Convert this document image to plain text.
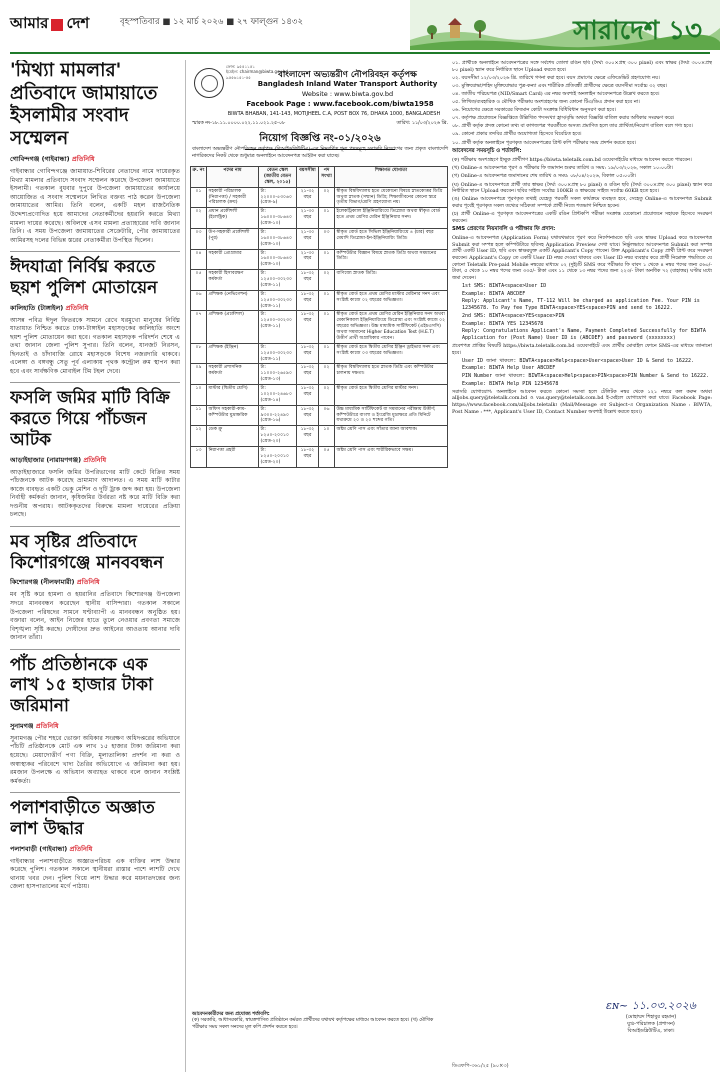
আমার দেশ	বৃহস্পতিবার ■ ১২ মার্চ ২০২৬ ■ ২৭ ফাল্গুন ১৪৩২	সারাদেশ ১৩
'মিথ্যা মামলার' প্রতিবাদে জামায়াতে ইসলামীর সংবাদ সম্মেলন
গোবিন্দগঞ্জ (গাইবান্ধা) প্রতিনিধি

গাইবান্ধার গোবিন্দগঞ্জে জামায়াত-শিবিরের নেতাদের নামে দায়েরকৃত মিথ্যা মামলার প্রতিবাদে সংবাদ সম্মেলন করেছে উপজেলা জামায়াতে ইসলামী। গতকাল বুধবার দুপুরে উপজেলা জামায়াতের কার্যালয়ে আয়োজিত এ সংবাদ সম্মেলনে লিখিত বক্তব্য পাঠ করেন উপজেলা জামায়াতের আমির। তিনি বলেন, একটি মহল রাজনৈতিক উদ্দেশ্যপ্রণোদিত হয়ে আমাদের নেতাকর্মীদের হয়রানি করতে মিথ্যা মামলা দায়ের করেছে। অবিলম্বে এসব মামলা প্রত্যাহারের দাবি জানান তিনি। এ সময় উপজেলা জামায়াতের সেক্রেটারি, পৌর জামায়াতের আমিরসহ দলের বিভিন্ন স্তরের নেতাকর্মীরা উপস্থিত ছিলেন।

ঈদযাত্রা নির্বিঘ্ন করতে ছয়শ পুলিশ মোতায়েন
কালিহাতি (টাঙ্গাইল) প্রতিনিধি

আসন্ন পবিত্র ঈদুল ফিতরকে সামনে রেখে ঘরমুখো মানুষের নির্বিঘ্ন যাতায়াত নিশ্চিত করতে ঢাকা-টাঙ্গাইল মহাসড়কের কালিহাতি অংশে ছয়শ পুলিশ মোতায়েন করা হবে। গতকাল মহাসড়ক পরিদর্শন শেষে এ তথ্য জানান জেলা পুলিশ সুপার। তিনি বলেন, যানজট নিরসন, ছিনতাই ও চাঁদাবাজি রোধে মহাসড়কে বিশেষ নজরদারি থাকবে। এলেঙ্গা ও বঙ্গবন্ধু সেতু পূর্ব এলাকায় পৃথক কন্ট্রোল রুম স্থাপন করা হবে এবং সার্বক্ষণিক মোবাইল টিম টহল দেবে।

ফসলি জমির মাটি বিক্রি করতে গিয়ে পাঁচজন আটক
আড়াইহাজার (নারায়ণগঞ্জ) প্রতিনিধি

আড়াইহাজারে ফসলি জমির উপরিভাগের মাটি কেটে বিক্রির সময় পাঁচজনকে আটক করেছে ভ্রাম্যমাণ আদালত। এ সময় মাটি কাটার কাজে ব্যবহৃত একটি ভেকু মেশিন ও দুটি ট্রাক জব্দ করা হয়। উপজেলা নির্বাহী কর্মকর্তা জানান, কৃষিজমির উর্বরতা নষ্ট করে মাটি বিক্রি করা দণ্ডনীয় অপরাধ। আটককৃতদের বিরুদ্ধে মামলা দায়েরের প্রক্রিয়া চলছে।

মব সৃষ্টির প্রতিবাদে কিশোরগঞ্জে মানববন্ধন
কিশোরগঞ্জ (নীলফামারী) প্রতিনিধি

মব সৃষ্টি করে হামলা ও হয়রানির প্রতিবাদে কিশোরগঞ্জ উপজেলা সদরে মানববন্ধন করেছেন স্থানীয় বাসিন্দারা। গতকাল সকালে উপজেলা পরিষদের সামনে ঘণ্টাব্যাপী এ মানববন্ধন অনুষ্ঠিত হয়। বক্তারা বলেন, আইন নিজের হাতে তুলে নেওয়ার প্রবণতা সমাজে বিশৃঙ্খলা সৃষ্টি করছে। দোষীদের দ্রুত আইনের আওতায় আনার দাবি জানান তাঁরা।

পাঁচ প্রতিষ্ঠানকে এক লাখ ১৫ হাজার টাকা জরিমানা
সুনামগঞ্জ প্রতিনিধি

সুনামগঞ্জ পৌর শহরে ভোক্তা অধিকার সংরক্ষণ অধিদপ্তরের অভিযানে পাঁচটি প্রতিষ্ঠানকে মোট এক লাখ ১৫ হাজার টাকা জরিমানা করা হয়েছে। মেয়াদোত্তীর্ণ পণ্য বিক্রি, মূল্যতালিকা প্রদর্শন না করা ও অস্বাস্থ্যকর পরিবেশে খাদ্য তৈরির অভিযোগে এ জরিমানা করা হয়। রমজান উপলক্ষে এ অভিযান অব্যাহত থাকবে বলে জানান সংশ্লিষ্ট কর্মকর্তা।

পলাশবাড়ীতে অজ্ঞাত লাশ উদ্ধার
পলাশবাড়ী (গাইবান্ধা) প্রতিনিধি

গাইবান্ধার পলাশবাড়ীতে অজ্ঞাতপরিচয় এক ব্যক্তির লাশ উদ্ধার করেছে পুলিশ। গতকাল সকালে স্থানীয়রা রাস্তার পাশে লাশটি দেখে থানায় খবর দেন। পুলিশ গিয়ে লাশ উদ্ধার করে ময়নাতদন্তের জন্য জেলা হাসপাতালের মর্গে পাঠায়।

ফোন: ৯৫৫১১৫১
ইমেইল: chairman@biwta.gov.bd
৯৫৫৬১৫১-৫৫	বাংলাদেশ অভ্যন্তরীণ নৌপরিবহন কর্তৃপক্ষ
Bangladesh Inland Water Transport Authority
Website : www.biwta.gov.bd
Facebook Page : www.facebook.com/biwta1958
BIWTA BHABAN, 141-143, MOTIJHEEL C.A, POST BOX 76, DHAKA 1000, BANGLADESH
স্মারক নং-১৮.১১.০০০০.০২২.১১.০২১.২৫-০৮	তারিখ: ১১/০৩/২০২৬ খ্রি.
নিয়োগ বিজ্ঞপ্তি নং-০১/২০২৬
বাংলাদেশ অভ্যন্তরীণ নৌপরিবহন কর্তৃপক্ষ (বিআইডব্লিউটিএ)-এর নিম্নবর্ণিত শূন্য পদসমূহে সরাসরি নিয়োগের জন্য প্রকৃত বাংলাদেশি নাগরিকদের নিকট থেকে শুধুমাত্র অনলাইনে আবেদনপত্র আহ্বান করা যাচ্ছে।
ক্র. নং	পদের নাম	বেতন স্কেল (জাতীয় বেতন স্কেল, ২০১৫)	বয়সসীমা	পদ সংখ্যা	শিক্ষাগত যোগ্যতা
০১	সহকারী পরিচালক (নিরাপত্তা) / সহকারী পরিচালক (ক্রয়)	টা: ২২০০০-৫৩০৬০ (গ্রেড-৯)	২১-৩২ বছর	০২	স্বীকৃত বিশ্ববিদ্যালয় হতে যেকোনো বিষয়ে স্নাতকোত্তর ডিগ্রি অথবা স্নাতক (সম্মান) ডিগ্রি; শিক্ষাজীবনের কোনো স্তরে তৃতীয় বিভাগ/শ্রেণি গ্রহণযোগ্য নয়।
০২	প্রধান প্রকৌশলী (ইলেক্ট্রিক)	টা: ১৬০০০-৩৮৬৪০ (গ্রেড-১০)	২১-৩০ বছর	০১	ইলেকট্রিক্যাল ইঞ্জিনিয়ারিংয়ে ডিপ্লোমা অথবা স্বীকৃত বোর্ড হতে প্রথম শ্রেণির মেরিন ইঞ্জিনিয়ার সনদ।
০৩	উপ-সহকারী প্রকৌশলী (পুর)	টা: ১৬০০০-৩৮৬৪০ (গ্রেড-১০)	২১-৩০ বছর	০৩	স্বীকৃত বোর্ড হতে সিভিল ইঞ্জিনিয়ারিংয়ে ৪ (চার) বছর মেয়াদি ডিপ্লোমা-ইন-ইঞ্জিনিয়ারিং ডিগ্রি।
০৪	সহকারী প্রোগ্রামার	টা: ১৬০০০-৩৮৬৪০ (গ্রেড-১০)	২১-৩০ বছর	০১	কম্পিউটার বিজ্ঞান বিষয়ে স্নাতক ডিগ্রি অথবা সমমানের ডিগ্রি।
০৫	সহকারী হিসাবরক্ষণ কর্মকর্তা	টা: ১২৫০০-৩০২৩০ (গ্রেড-১১)	১৮-৩২ বছর	০২	বাণিজ্যে স্নাতক ডিগ্রি।
০৬	প্রশিক্ষক (নেভিগেশন)	টা: ১২৫০০-৩০২৩০ (গ্রেড-১১)	১৮-৩২ বছর	০১	স্বীকৃত বোর্ড হতে প্রথম শ্রেণির মাস্টার মেরিনার সনদ এবং সংশ্লিষ্ট কাজে ০২ বছরের অভিজ্ঞতা।
০৭	প্রশিক্ষক (প্রকৌশল)	টা: ১২৫০০-৩০২৩০ (গ্রেড-১১)	১৮-৩২ বছর	০১	স্বীকৃত বোর্ড হতে প্রথম শ্রেণির মেরিন ইঞ্জিনিয়ার সনদ অথবা মেকানিক্যাল ইঞ্জিনিয়ারিংয়ে ডিপ্লোমা এবং সংশ্লিষ্ট কাজে ০২ বছরের অভিজ্ঞতা। উচ্চ মাধ্যমিক সার্টিফিকেট (এইচএসসি) অথবা সমমানের Higher Education Test (H.E.T) উত্তীর্ণ প্রার্থী অগ্রাধিকার পাবেন।
০৮	প্রশিক্ষক (ইঞ্জিন)	টা: ১২৫০০-৩০২৩০ (গ্রেড-১১)	১৮-৩২ বছর	০১	স্বীকৃত বোর্ড হতে দ্বিতীয় শ্রেণির ইঞ্জিন ড্রাইভার সনদ এবং সংশ্লিষ্ট কাজে ০৩ বছরের অভিজ্ঞতা।
০৯	সহকারী প্রশাসনিক কর্মকর্তা	টা: ১১০০০-২৬৫৯০ (গ্রেড-১৩)	১৮-৩২ বছর	০২	স্বীকৃত বিশ্ববিদ্যালয় হতে স্নাতক ডিগ্রি এবং কম্পিউটার চালনায় দক্ষতা।
১০	মাস্টার (দ্বিতীয় শ্রেণি)	টা: ১০২০০-২৪৬৮০ (গ্রেড-১৪)	১৮-৩২ বছর	০২	স্বীকৃত বোর্ড হতে দ্বিতীয় শ্রেণির মাস্টার সনদ।
১১	অফিস সহকারী-কাম-কম্পিউটার মুদ্রাক্ষরিক	টা: ৯৩০০-২২৪৯০ (গ্রেড-১৬)	১৮-৩২ বছর	০৬	উচ্চ মাধ্যমিক সার্টিফিকেট বা সমমানের পরীক্ষায় উত্তীর্ণ; কম্পিউটারে বাংলা ও ইংরেজি মুদ্রাক্ষরে প্রতি মিনিটে যথাক্রমে ২০ ও ২০ শব্দের গতি।
১২	ডেক ক্রু	টা: ৮২৫০-২০০১০ (গ্রেড-২০)	১৮-৩২ বছর	১০	অষ্টম শ্রেণি পাস এবং সাঁতার জানা আবশ্যক।
১৩	নিরাপত্তা প্রহরী	টা: ৮২৫০-২০০১০ (গ্রেড-২০)	১৮-৩২ বছর	০৫	অষ্টম শ্রেণি পাস এবং শারীরিকভাবে সক্ষম।
আবেদনকারীদের জন্য প্রযোজ্য শর্তাবলি:
(ক) সরকারি, আধাসরকারি, স্বায়ত্তশাসিত প্রতিষ্ঠানে কর্মরত প্রার্থীদের যথাযথ কর্তৃপক্ষের মাধ্যমে আবেদন করতে হবে। (খ) মৌখিক পরীক্ষার সময় সকল সনদের মূল কপি প্রদর্শন করতে হবে।
০১. প্রার্থীকে অনলাইনে আবেদনপত্রের সঙ্গে সর্বশেষ তোলা রঙিন ছবি (দৈর্ঘ্য ৩০০×প্রস্থ ৩০০ pixel) এবং স্বাক্ষর (দৈর্ঘ্য ৩০০×প্রস্থ ৮০ pixel) স্ক্যান করে নির্ধারিত স্থানে Upload করতে হবে।
০২. বয়সসীমা ১২/০৩/২০২৬ খ্রি. তারিখে গণনা করা হবে। বয়স প্রমাণের ক্ষেত্রে এফিডেভিট গ্রহণযোগ্য নয়।
০৩. মুক্তিযোদ্ধা/শহিদ মুক্তিযোদ্ধার পুত্র-কন্যা এবং শারীরিক প্রতিবন্ধী প্রার্থীদের ক্ষেত্রে বয়সসীমা সর্বোচ্চ ৩২ বছর।
০৪. জাতীয় পরিচয়পত্র (NID/Smart Card) এর নম্বর অবশ্যই অনলাইন আবেদনপত্রে উল্লেখ করতে হবে।
০৫. লিখিত/ব্যবহারিক ও মৌখিক পরীক্ষায় অংশগ্রহণের জন্য কোনো টিএ/ডিএ প্রদান করা হবে না।
০৬. নিয়োগের ক্ষেত্রে সরকারের বিদ্যমান কোটা সংক্রান্ত বিধিবিধান অনুসরণ করা হবে।
০৭. কর্তৃপক্ষ প্রয়োজনে বিজ্ঞপ্তিতে উল্লিখিত পদসংখ্যা হ্রাস/বৃদ্ধি অথবা বিজ্ঞপ্তি বাতিল করার অধিকার সংরক্ষণ করে।
০৮. প্রার্থী কর্তৃক প্রদত্ত কোনো তথ্য বা কাগজপত্র পরবর্তীতে অসত্য প্রমাণিত হলে তার প্রার্থিতা/নিয়োগ বাতিল বলে গণ্য হবে।
০৯. কোনো প্রকার তদবির প্রার্থীর অযোগ্যতা হিসেবে বিবেচিত হবে।
১০. প্রার্থী কর্তৃক অনলাইনে পূরণকৃত আবেদনপত্রের প্রিন্ট কপি পরীক্ষার সময় প্রদর্শন করতে হবে।
আবেদনের সময়সূচি ও শর্তাবলি:
(ক) পরীক্ষায় অংশগ্রহণে ইচ্ছুক প্রার্থীগণ https://biwta.teletalk.com.bd ওয়েবসাইটের মাধ্যমে আবেদন করতে পারবেন।
(খ) Online-এ আবেদনপত্র পূরণ ও পরীক্ষার ফি জমাদান শুরুর তারিখ ও সময়: ১৯/০৩/২০২৬, সকাল ১০:০০টা।
(গ) Online-এ আবেদনপত্র জমাদানের শেষ তারিখ ও সময়: ০৮/০৪/২০২৬, বিকাল ০৫:০০টা।
(ঘ) Online-এ আবেদনপত্রে প্রার্থী তার স্বাক্ষর (দৈর্ঘ্য ৩০০×প্রস্থ ৮০ pixel) ও রঙিন ছবি (দৈর্ঘ্য ৩০০×প্রস্থ ৩০০ pixel) স্ক্যান করে নির্ধারিত স্থানে Upload করবেন। ছবির সাইজ সর্বোচ্চ 100KB ও স্বাক্ষরের সাইজ সর্বোচ্চ 60KB হতে হবে।
(ঙ) Online আবেদনপত্রে পূরণকৃত তথ্যই যেহেতু পরবর্তী সকল কার্যক্রমে ব্যবহৃত হবে, সেহেতু Online-এ আবেদনপত্র Submit করার পূর্বেই পূরণকৃত সকল তথ্যের সঠিকতা সম্পর্কে প্রার্থী নিজে শতভাগ নিশ্চিত হবেন।
(চ) প্রার্থী Online-এ পূরণকৃত আবেদনপত্রের একটি রঙিন প্রিন্টকপি পরীক্ষা সংক্রান্ত যেকোনো প্রয়োজনে সহায়ক হিসেবে সংরক্ষণ করবেন।
SMS প্রেরণের নিয়মাবলি ও পরীক্ষার ফি প্রদান:
Online-এ আবেদনপত্র (Application Form) যথাযথভাবে পূরণ করে নির্দেশনামতে ছবি এবং স্বাক্ষর Upload করে আবেদনপত্র Submit করা সম্পন্ন হলে কম্পিউটারে ছবিসহ Application Preview দেখা যাবে। নির্ভুলভাবে আবেদনপত্র Submit করা সম্পন্ন প্রার্থী একটি User ID, ছবি এবং স্বাক্ষরযুক্ত একটি Applicant's Copy পাবেন। উক্ত Applicant's Copy প্রার্থী প্রিন্ট করে সংরক্ষণ করবেন। Applicant's Copy তে একটি User ID নম্বর দেওয়া থাকবে এবং User ID নম্বর ব্যবহার করে প্রার্থী নিম্নোক্ত পদ্ধতিতে যে কোনো Teletalk Pre-paid Mobile নম্বরের মাধ্যমে ০২ (দুই)টি SMS করে পরীক্ষার ফি বাবদ ১ থেকে ৪ নম্বর পদের জন্য ৫৬০/- টাকা, ৫ থেকে ১০ নম্বর পদের জন্য ৩৩৫/- টাকা এবং ১১ থেকে ১৩ নম্বর পদের জন্য ২২৩/- টাকা অনধিক ৭২ (বাহাত্তর) ঘণ্টার মধ্যে জমা দেবেন।
1st SMS: BIWTA<space>User ID
Example: BIWTA ABCDEF
Reply: Applicant's Name, TT-112 Will be charged as application Fee. Your PIN is 12345678. To Pay fee Type BIWTA<space>YES<space>PIN and send to 16222.
2nd SMS: BIWTA<space>YES<space>PIN
Example: BIWTA YES 12345678
Reply: Congratulations Applicant's Name, Payment Completed Successfully for BIWTA Application for (Post Name) User ID is (ABCDEF) and password (xxxxxxxx)
প্রবেশপত্র প্রাপ্তির বিষয়টি https://biwta.teletalk.com.bd ওয়েবসাইটে এবং প্রার্থীর মোবাইল ফোনে SMS-এর মাধ্যমে জানানো হবে।
User ID জানা থাকলে: BIWTA<space>Help<space>User<space>User ID & Send to 16222.
Example: BIWTA Help User ABCDEF
PIN Number জানা থাকলে: BIWTA<space>Help<space>PIN<space>PIN Number & Send to 16222.
Example: BIWTA Help PIN 12345678
সরাসরি যোগাযোগ: অনলাইনে আবেদন করতে কোনো সমস্যা হলে টেলিটক নম্বর থেকে ১২১ নম্বরে কল করুন অথবা alljobs.query@teletalk.com.bd ও vas.query@teletalk.com.bd ই-মেইলে যোগাযোগ করা যাবে। Facebook Page: https://www.facebook.com/alljobs.teletalk। (Mail/Message এর Subject-এ Organization Name : BIWTA, Post Name : ***, Applicant's User ID, Contact Number অবশ্যই উল্লেখ করতে হবে।)
ɛɴ~ ১১.০৩.২০২৬
(মোহাম্মদ শিহাবুর রহমান)
যুগ্ম-পরিচালক (প্রশাসন)
বিআইডব্লিউটিএ, ঢাকা।
ডিএফপি-৩৬১/২৫ (৯০×৩)
